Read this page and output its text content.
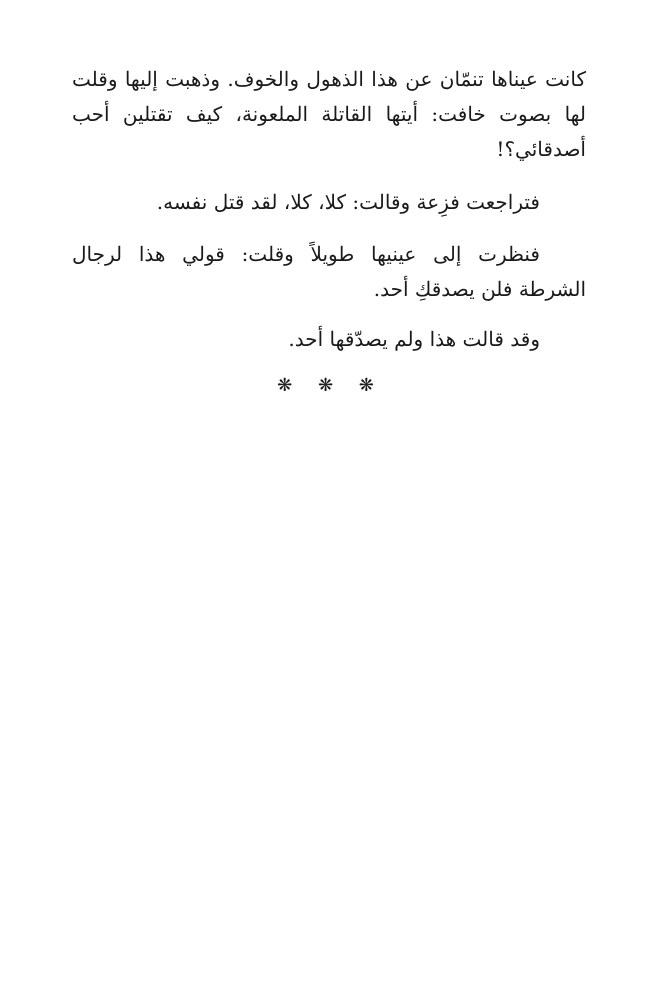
كانت عيناها تنمّان عن هذا الذهول والخوف. وذهبت إليها وقلت لها بصوت خافت: أيتها القاتلة الملعونة، كيف تقتلين أحب أصدقائي؟!

فتراجعت فزِعة وقالت: كلا، كلا، لقد قتل نفسه.

فنظرت إلى عينيها طويلاً وقلت: قولي هذا لرجال الشرطة فلن يصدقكِ أحد.

وقد قالت هذا ولم يصدّقها أحد.

❋ ❋ ❋
